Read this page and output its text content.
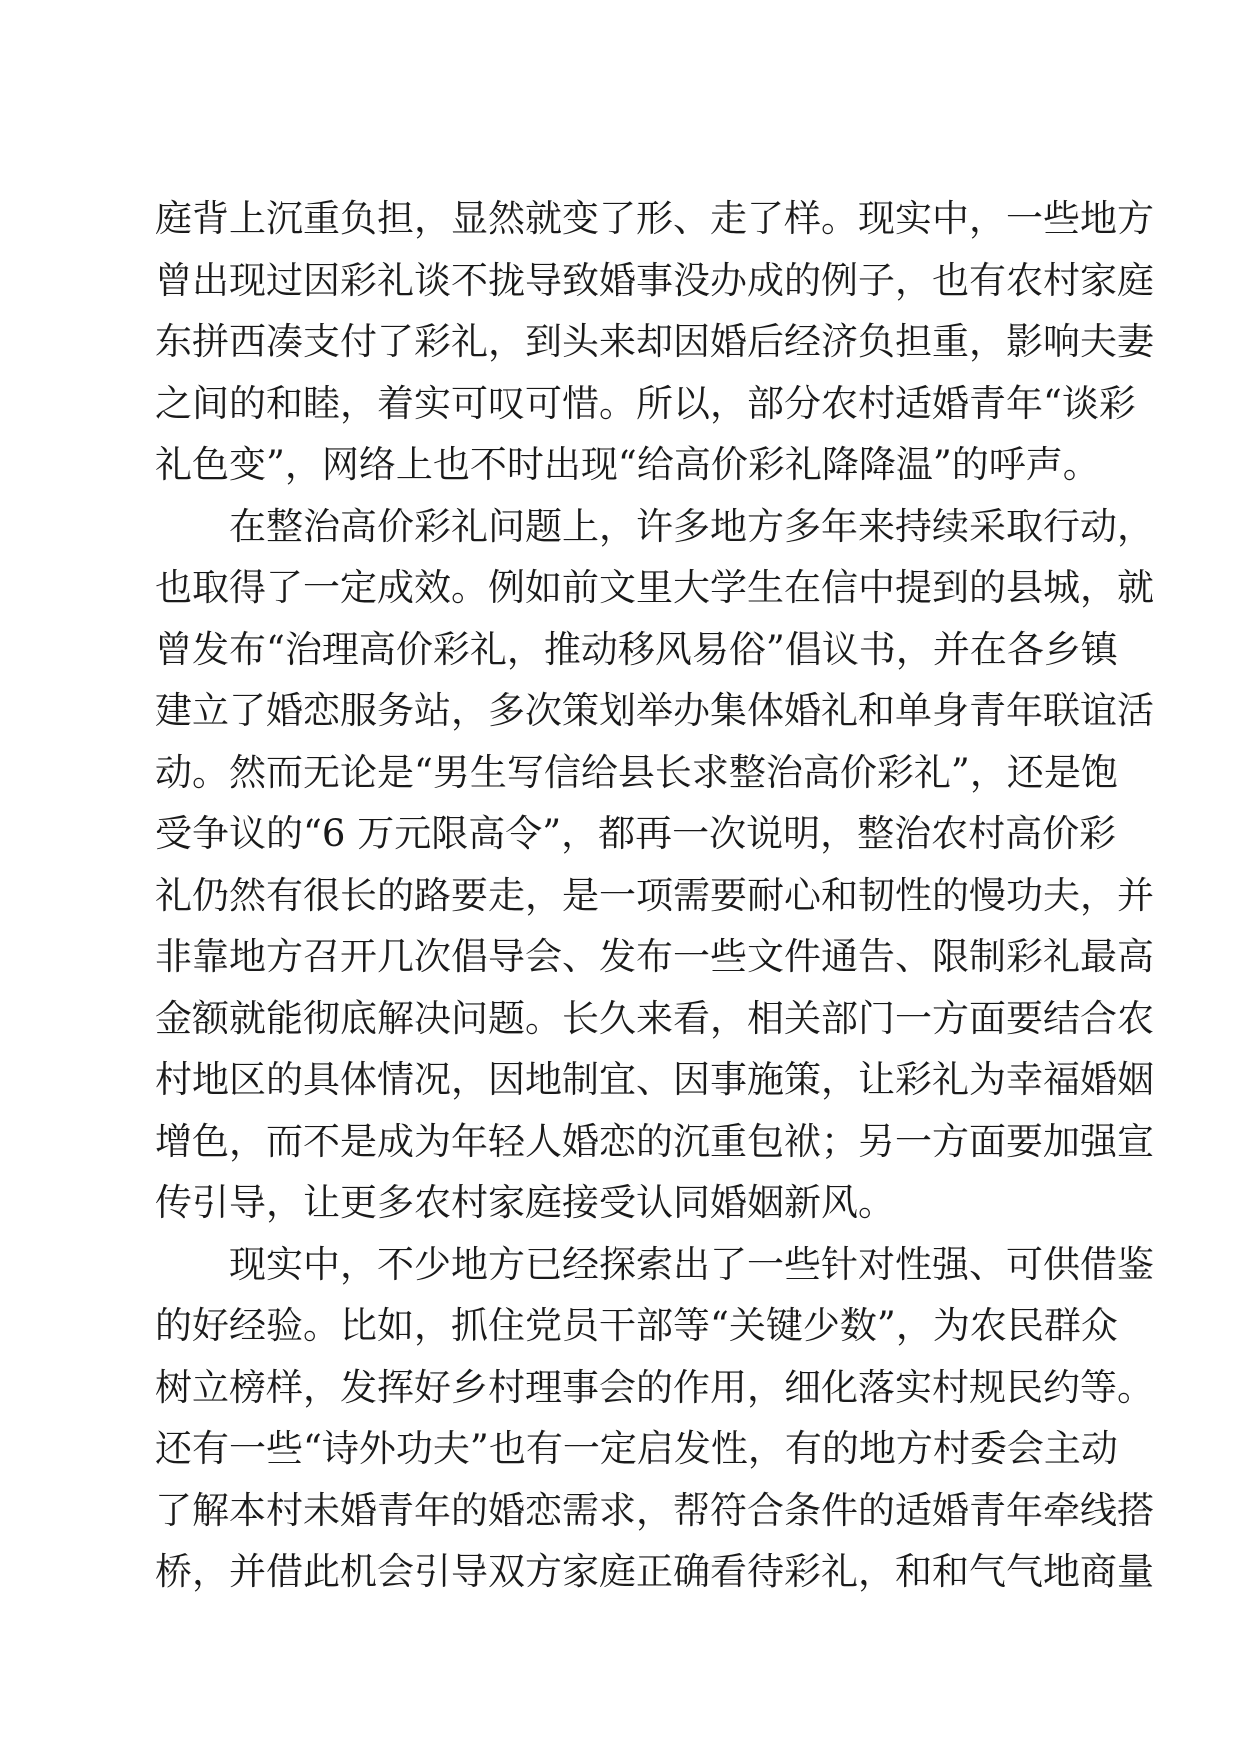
庭背上沉重负担，显然就变了形、走了样。现实中，一些地方
曾出现过因彩礼谈不拢导致婚事没办成的例子，也有农村家庭
东拼西凑支付了彩礼，到头来却因婚后经济负担重，影响夫妻
之间的和睦，着实可叹可惜。所以，部分农村适婚青年“谈彩
礼色变”，网络上也不时出现“给高价彩礼降降温”的呼声。
在整治高价彩礼问题上，许多地方多年来持续采取行动，
也取得了一定成效。例如前文里大学生在信中提到的县城，就
曾发布“治理高价彩礼，推动移风易俗”倡议书，并在各乡镇
建立了婚恋服务站，多次策划举办集体婚礼和单身青年联谊活
动。然而无论是“男生写信给县长求整治高价彩礼”，还是饱
受争议的“6 万元限高令”，都再一次说明，整治农村高价彩
礼仍然有很长的路要走，是一项需要耐心和韧性的慢功夫，并
非靠地方召开几次倡导会、发布一些文件通告、限制彩礼最高
金额就能彻底解决问题。长久来看，相关部门一方面要结合农
村地区的具体情况，因地制宜、因事施策，让彩礼为幸福婚姻
增色，而不是成为年轻人婚恋的沉重包袱；另一方面要加强宣
传引导，让更多农村家庭接受认同婚姻新风。
现实中，不少地方已经探索出了一些针对性强、可供借鉴
的好经验。比如，抓住党员干部等“关键少数”，为农民群众
树立榜样，发挥好乡村理事会的作用，细化落实村规民约等。
还有一些“诗外功夫”也有一定启发性，有的地方村委会主动
了解本村未婚青年的婚恋需求，帮符合条件的适婚青年牵线搭
桥，并借此机会引导双方家庭正确看待彩礼，和和气气地商量
